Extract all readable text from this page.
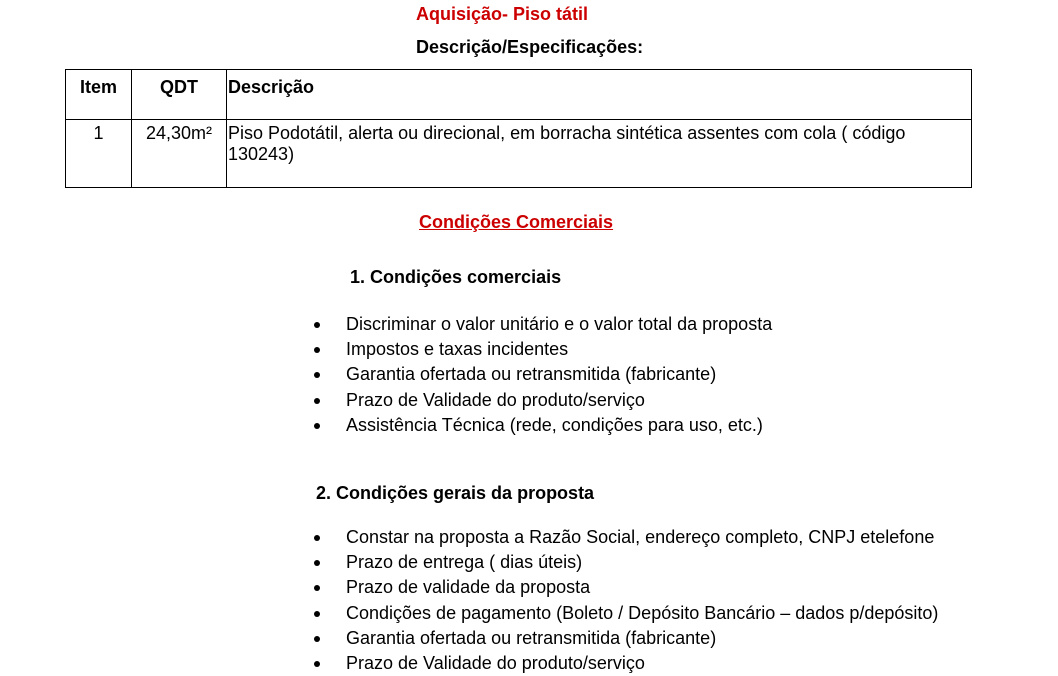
Aquisição- Piso tátil
Descrição/Especificações:
Item	QDT	Descrição
1	24,30m²	Piso Podotátil, alerta ou direcional, em borracha sintética assentes com cola ( código 130243)
Condições Comerciais
1. Condições comerciais
Discriminar o valor unitário e o valor total da proposta
Impostos e taxas incidentes
Garantia ofertada ou retransmitida (fabricante)
Prazo de Validade do produto/serviço
Assistência Técnica (rede, condições para uso, etc.)
2. Condições gerais da proposta
Constar na proposta a Razão Social, endereço completo, CNPJ etelefone
Prazo de entrega ( dias úteis)
Prazo de validade da proposta
Condições de pagamento (Boleto / Depósito Bancário – dados p/depósito)
Garantia ofertada ou retransmitida (fabricante)
Prazo de Validade do produto/serviço
